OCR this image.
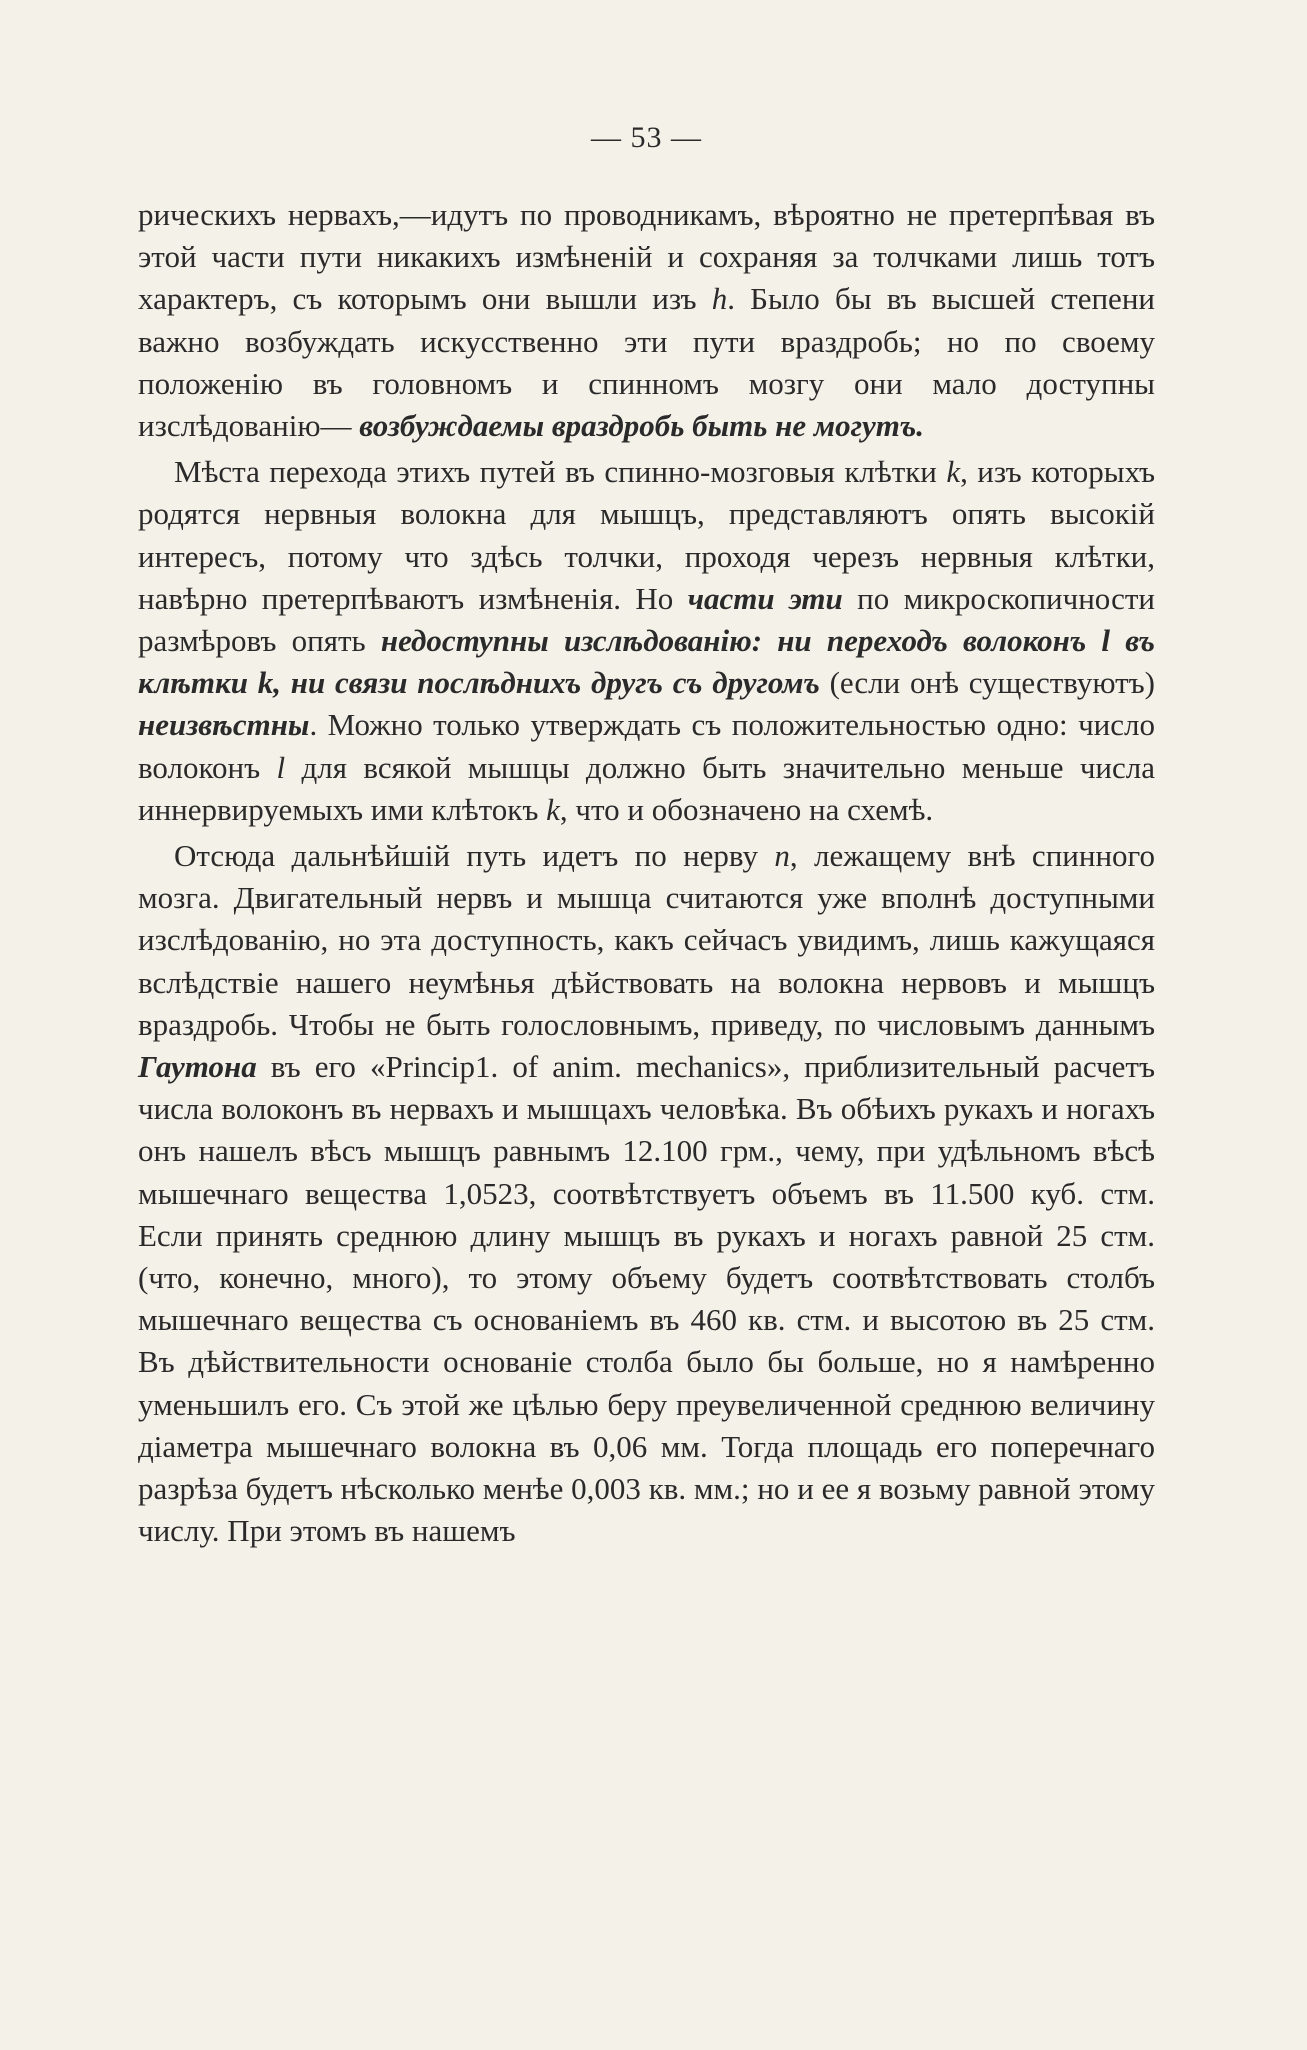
— 53 —

рическихъ нервахъ,—идутъ по проводникамъ, вѣроятно не претерпѣвая въ этой части пути никакихъ измѣненій и сохраняя за толчками лишь тотъ характеръ, съ которымъ они вышли изъ h. Было бы въ высшей степени важно возбуждать искусственно эти пути враздробь; но по своему положенію въ головномъ и спинномъ мозгу они мало доступны изслѣдованію— возбуждаемы враздробь быть не могутъ.

Мѣста перехода этихъ путей въ спинно-мозговыя клѣтки k, изъ которыхъ родятся нервныя волокна для мышцъ, представляютъ опять высокій интересъ, потому что здѣсь толчки, проходя черезъ нервныя клѣтки, навѣрно претерпѣваютъ измѣненія. Но части эти по микроскопичности размѣровъ опять недоступны изслѣдованію: ни переходъ волоконъ l въ клѣтки k, ни связи послѣднихъ другъ съ другомъ (если онѣ существуютъ) неизвѣстны. Можно только утверждать съ положительностью одно: число волоконъ l для всякой мышцы должно быть значительно меньше числа иннервируемыхъ ими клѣтокъ k, что и обозначено на схемѣ.

Отсюда дальнѣйшій путь идетъ по нерву n, лежащему внѣ спинного мозга. Двигательный нервъ и мышца считаются уже вполнѣ доступными изслѣдованію, но эта доступность, какъ сейчасъ увидимъ, лишь кажущаяся вслѣдствіе нашего неумѣнья дѣйствовать на волокна нервовъ и мышцъ враздробь. Чтобы не быть голословнымъ, приведу, по числовымъ даннымъ Гаутона въ его «Princip1. of anim. mechanics», приблизительный расчетъ числа волоконъ въ нервахъ и мышцахъ человѣка. Въ обѣихъ рукахъ и ногахъ онъ нашелъ вѣсъ мышцъ равнымъ 12.100 грм., чему, при удѣльномъ вѣсѣ мышечнаго вещества 1,0523, соотвѣтствуетъ объемъ въ 11.500 куб. стм. Если принять среднюю длину мышцъ въ рукахъ и ногахъ равной 25 стм. (что, конечно, много), то этому объему будетъ соотвѣтствовать столбъ мышечнаго вещества съ основаніемъ въ 460 кв. стм. и высотою въ 25 стм. Въ дѣйствительности основаніе столба было бы больше, но я намѣренно уменьшилъ его. Съ этой же цѣлью беру преувеличенной среднюю величину діаметра мышечнаго волокна въ 0,06 мм. Тогда площадь его поперечнаго разрѣза будетъ нѣсколько менѣе 0,003 кв. мм.; но и ее я возьму равной этому числу. При этомъ въ нашемъ
